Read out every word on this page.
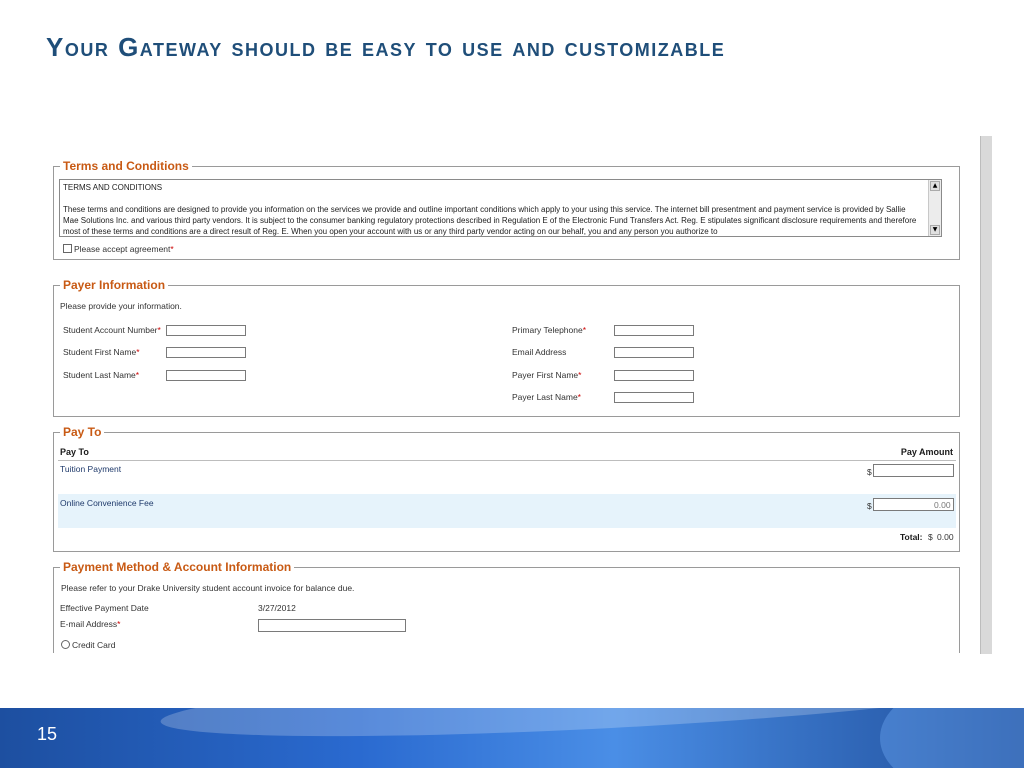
Your Gateway should be easy to use and customizable
Terms and Conditions

TERMS AND CONDITIONS

These terms and conditions are designed to provide you information on the services we provide and outline important conditions which apply to your using this service. The internet bill presentment and payment service is provided by Sallie Mae Solutions Inc. and various third party vendors. It is subject to the consumer banking regulatory protections described in Regulation E of the Electronic Fund Transfers Act. Reg. E stipulates significant disclosure requirements and therefore most of these terms and conditions are a direct result of Reg. E. When you open your account with us or any third party vendor acting on our behalf, you and any person you authorize to

▲
▼
Please accept agreement*
Payer Information
Please provide your information.
Student Account Number*
Student First Name*
Student Last Name*
Primary Telephone*
Email Address
Payer First Name*
Payer Last Name*
Pay To
Pay To	Pay Amount
Tuition Payment	$
Online Convenience Fee	$	0.00
Total: $ 0.00
Payment Method & Account Information
Please refer to your Drake University student account invoice for balance due.
Effective Payment Date	3/27/2012
E-mail Address*
Credit Card
15
